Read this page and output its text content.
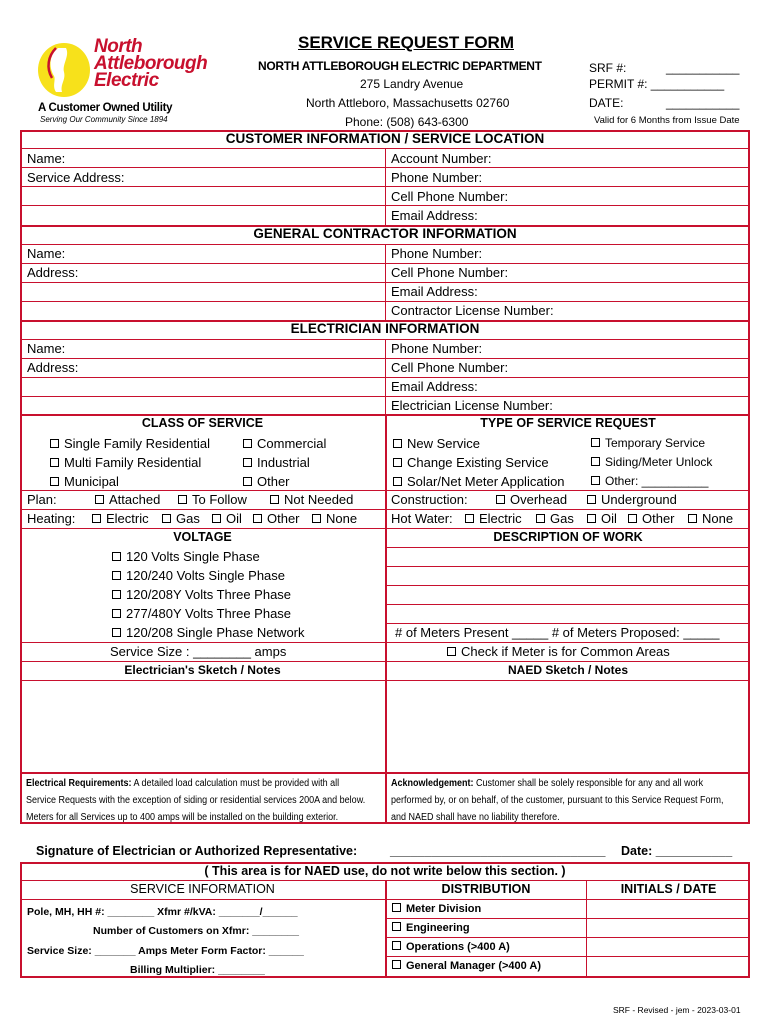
North
Attleborough
Electric
A Customer Owned Utility
Serving Our Community Since 1894
SERVICE REQUEST FORM
NORTH ATTLEBOROUGH ELECTRIC DEPARTMENT
275 Landry Avenue
North Attleboro, Massachusetts 02760
Phone: (508) 643-6300
SRF #:	___________
PERMIT #: ___________
DATE:	___________
Valid for 6 Months from Issue Date
CUSTOMER INFORMATION / SERVICE LOCATION
Name:
Service Address:
Account Number:
Phone Number:
Cell Phone Number:
Email Address:
GENERAL CONTRACTOR INFORMATION
Name:
Address:
Phone Number:
Cell Phone Number:
Email Address:
Contractor License Number:
ELECTRICIAN INFORMATION
Name:
Address:
Phone Number:
Cell Phone Number:
Email Address:
Electrician License Number:
CLASS OF SERVICE
Single Family Residential	Commercial
Multi Family Residential	Industrial
Municipal	Other
TYPE OF SERVICE REQUEST
New Service	Temporary Service
Change Existing Service	Siding/Meter Unlock
Solar/Net Meter Application	Other: __________
Plan:	Attached	To Follow	Not Needed	Construction:	Overhead	Underground
Heating:	Electric	Gas	Oil	Other	None	Hot Water:	Electric	Gas	Oil	Other	None
VOLTAGE
120 Volts Single Phase
120/240 Volts Single Phase
120/208Y Volts Three Phase
277/480Y Volts Three Phase
120/208 Single Phase Network
Service Size : ________ amps
DESCRIPTION OF WORK
# of Meters Present _____ # of Meters Proposed: _____
Check if Meter is for Common Areas
Electrician's Sketch / Notes	NAED Sketch / Notes
Electrical Requirements: A detailed load calculation must be provided with all
Service Requests with the exception of siding or residential services 200A and below.
Meters for all Services up to 400 amps will be installed on the building exterior.
Acknowledgement: Customer shall be solely responsible for any and all work
performed by, or on behalf, of the customer, pursuant to this Service Request Form,
and NAED shall have no liability therefore.
Signature of Electrician or Authorized Representative:	_______________________________ Date: ___________
( This area is for NAED use, do not write below this section. )
SERVICE INFORMATION	DISTRIBUTION	INITIALS / DATE
Pole, MH, HH #: ________ Xfmr #/kVA: _______/______
Number of Customers on Xfmr: ________
Service Size: _______ Amps Meter Form Factor: ______
Billing Multiplier: ________
Meter Division
Engineering
Operations (>400 A)
General Manager (>400 A)
SRF - Revised - jem - 2023-03-01
